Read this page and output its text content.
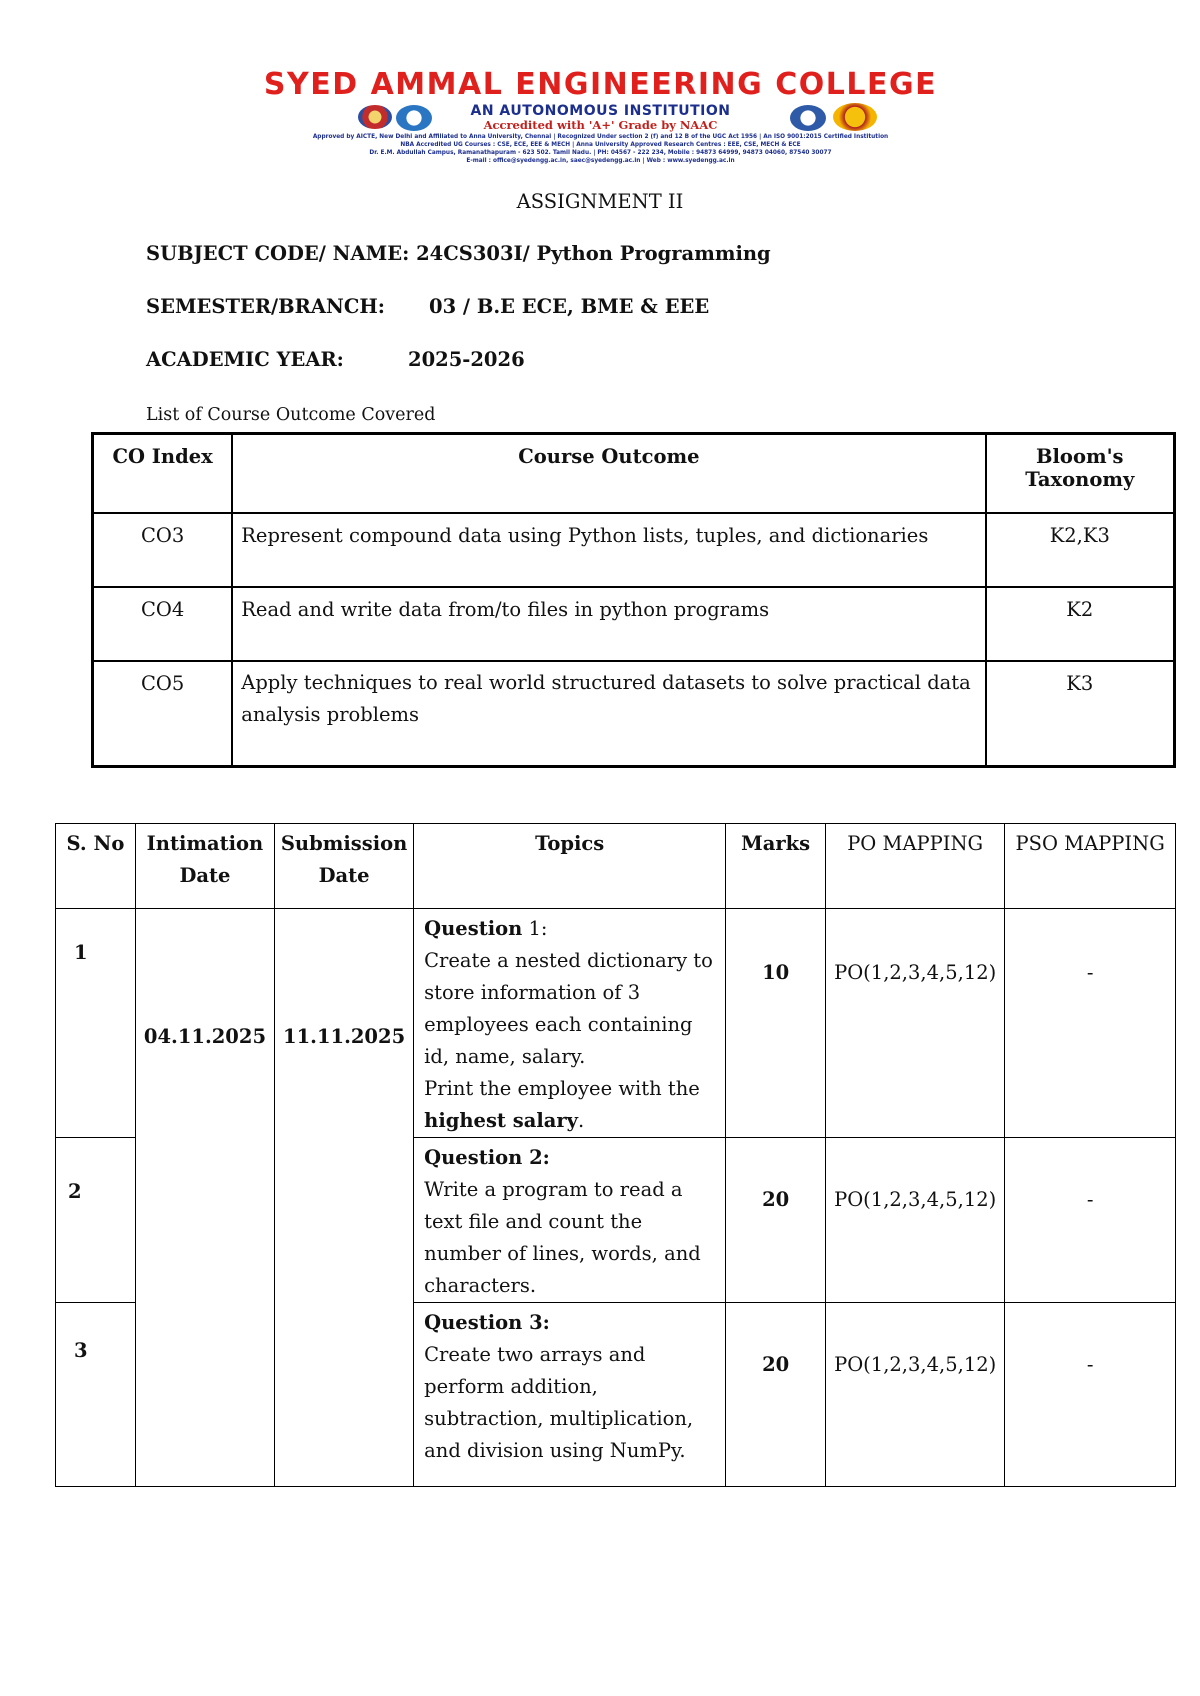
SYED AMMAL ENGINEERING COLLEGE
AN AUTONOMOUS INSTITUTION
Accredited with 'A+' Grade by NAAC
Approved by AICTE, New Delhi and Affiliated to Anna University, Chennai | Recognized Under section 2 (f) and 12 B of the UGC Act 1956 | An ISO 9001:2015 Certified Institution
NBA Accredited UG Courses : CSE, ECE, EEE & MECH | Anna University Approved Research Centres : EEE, CSE, MECH & ECE
Dr. E.M. Abdullah Campus, Ramanathapuram - 623 502. Tamil Nadu. | PH: 04567 - 222 234, Mobile : 94873 64999, 94873 04060, 87540 30077
E-mail : office@syedengg.ac.in, saec@syedengg.ac.in | Web : www.syedengg.ac.in
ASSIGNMENT II
SUBJECT CODE/ NAME: 24CS303I/ Python Programming
SEMESTER/BRANCH: 03 / B.E ECE, BME & EEE
ACADEMIC YEAR:	2025-2026
List of Course Outcome Covered
CO Index	Course Outcome	Bloom's Taxonomy
CO3	Represent compound data using Python lists, tuples, and dictionaries	K2,K3
CO4	Read and write data from/to files in python programs	K2
CO5	Apply techniques to real world structured datasets to solve practical data analysis problems	K3
S. No	Intimation Date	Submission Date	Topics	Marks	PO MAPPING	PSO MAPPING
1	04.11.2025	11.11.2025	Question 1:
Create a nested dictionary to store information of 3 employees each containing id, name, salary.
Print the employee with the highest salary.	10	PO(1,2,3,4,5,12)	-
2			Question 2:
Write a program to read a text file and count the number of lines, words, and characters.	20	PO(1,2,3,4,5,12)	-
3			Question 3:
Create two arrays and perform addition, subtraction, multiplication, and division using NumPy.	20	PO(1,2,3,4,5,12)	-
